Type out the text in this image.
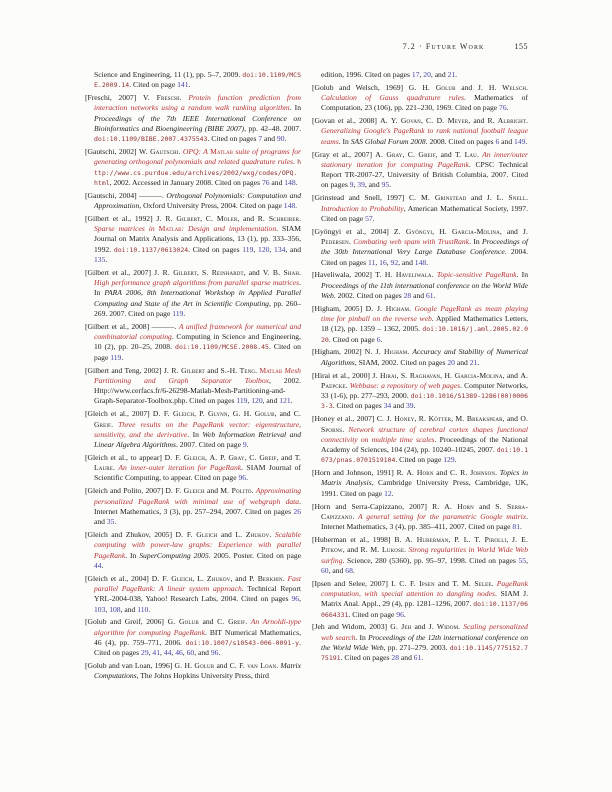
7.2 · Future Work	155

Science and Engineering, 11 (1), pp. 5–7, 2009. doi:10.1109/MCSE.2009.14. Cited on page 141.

[Freschi, 2007] V. Freschi. Protein function prediction from interaction networks using a random walk ranking algorithm. In Proceedings of the 7th IEEE International Conference on Bioinformatics and Bioengineering (BIBE 2007), pp. 42–48. 2007. doi:10.1109/BIBE.2007.4375543. Cited on pages 7 and 90.

[Gautschi, 2002] W. Gautschi. OPQ: A Matlab suite of programs for generating orthogonal polynomials and related quadrature rules. http://www.cs.purdue.edu/archives/2002/wxg/codes/OPQ.html, 2002. Accessed in January 2008. Cited on pages 76 and 148.

[Gautschi, 2004] ———. Orthogonal Polynomials: Computation and Approximation, Oxford University Press, 2004. Cited on page 148.

[Gilbert et al., 1992] J. R. Gilbert, C. Moler, and R. Schreiber. Sparse matrices in Matlab: Design and implementation. SIAM Journal on Matrix Analysis and Applications, 13 (1), pp. 333–356, 1992. doi:10.1137/0613024. Cited on pages 119, 120, 134, and 135.

[Gilbert et al., 2007] J. R. Gilbert, S. Reinhardt, and V. B. Shah. High performance graph algorithms from parallel sparse matrices. In PARA 2006, 8th International Workshop in Applied Parallel Computing and State of the Art in Scientific Computing, pp. 260–269. 2007. Cited on page 119.

[Gilbert et al., 2008] ———. A unified framework for numerical and combinatorial computing. Computing in Science and Engineering, 10 (2), pp. 20–25, 2008. doi:10.1109/MCSE.2008.45. Cited on page 119.

[Gilbert and Teng, 2002] J. R. Gilbert and S.-H. Teng. Matlab Mesh Partitioning and Graph Separator Toolbox, 2002. Http://www.cerfacs.fr/6-26298-Matlab-Mesh-Partitioning-and-Graph-Separator-Toolbox.php. Cited on pages 119, 120, and 121.

[Gleich et al., 2007] D. F. Gleich, P. Glynn, G. H. Golub, and C. Greif. Three results on the PageRank vector: eigenstructure, sensitivity, and the derivative. In Web Information Retrieval and Linear Algebra Algorithms. 2007. Cited on page 9.

[Gleich et al., to appear] D. F. Gleich, A. P. Gray, C. Greif, and T. Laure. An inner-outer iteration for PageRank. SIAM Journal of Scientific Computing, to appear. Cited on page 96.

[Gleich and Polito, 2007] D. F. Gleich and M. Polito. Approximating personalized PageRank with minimal use of webgraph data. Internet Mathematics, 3 (3), pp. 257–294, 2007. Cited on pages 26 and 35.

[Gleich and Zhukov, 2005] D. F. Gleich and L. Zhukov. Scalable computing with power-law graphs: Experience with parallel PageRank. In SuperComputing 2005. 2005. Poster. Cited on page 44.

[Gleich et al., 2004] D. F. Gleich, L. Zhukov, and P. Berkhin. Fast parallel PageRank: A linear system approach. Technical Report YRL-2004-038, Yahoo! Research Labs, 2004. Cited on pages 96, 103, 108, and 110.

[Golub and Greif, 2006] G. Golub and C. Greif. An Arnoldi-type algorithm for computing PageRank. BIT Numerical Mathematics, 46 (4), pp. 759–771, 2006. doi:10.1007/s10543-006-0091-y. Cited on pages 29, 41, 44, 46, 60, and 96.

[Golub and van Loan, 1996] G. H. Golub and C. F. van Loan. Matrix Computations, The Johns Hopkins University Press, third

edition, 1996. Cited on pages 17, 20, and 21.

[Golub and Welsch, 1969] G. H. Golub and J. H. Welsch. Calculation of Gauss quadrature rules. Mathematics of Computation, 23 (106), pp. 221–230, 1969. Cited on page 76.

[Govan et al., 2008] A. Y. Govan, C. D. Meyer, and R. Albright. Generalizing Google's PageRank to rank national football league teams. In SAS Global Forum 2008. 2008. Cited on pages 6 and 149.

[Gray et al., 2007] A. Gray, C. Greif, and T. Lau. An inner/outer stationary iteration for computing PageRank. CPSC Technical Report TR-2007-27, University of British Columbia, 2007. Cited on pages 9, 39, and 95.

[Grinstead and Snell, 1997] C. M. Grinstead and J. L. Snell. Introduction to Probability, American Mathematical Society, 1997. Cited on page 57.

[Gyöngyi et al., 2004] Z. Gyöngyi, H. Garcia-Molina, and J. Pedersen. Combating web spam with TrustRank. In Proceedings of the 30th International Very Large Database Conference. 2004. Cited on pages 11, 16, 92, and 148.

[Haveliwala, 2002] T. H. Haveliwala. Topic-sensitive PageRank. In Proceedings of the 11th international conference on the World Wide Web. 2002. Cited on pages 28 and 61.

[Higham, 2005] D. J. Higham. Google PageRank as mean playing time for pinball on the reverse web. Applied Mathematics Letters, 18 (12), pp. 1359 – 1362, 2005. doi:10.1016/j.aml.2005.02.020. Cited on page 6.

[Higham, 2002] N. J. Higham. Accuracy and Stability of Numerical Algorithms, SIAM, 2002. Cited on pages 20 and 21.

[Hirai et al., 2000] J. Hirai, S. Raghavan, H. Garcia-Molina, and A. Paepcke. Webbase: a repository of web pages. Computer Networks, 33 (1-6), pp. 277–293, 2000. doi:10.1016/S1389-1286(00)00063-3. Cited on pages 34 and 39.

[Honey et al., 2007] C. J. Honey, R. Kötter, M. Breakspear, and O. Sporns. Network structure of cerebral cortex shapes functional connectivity on multiple time scales. Proceedings of the National Academy of Sciences, 104 (24), pp. 10240–10245, 2007. doi:10.1073/pnas.0701519104. Cited on page 129.

[Horn and Johnson, 1991] R. A. Horn and C. R. Johnson. Topics in Matrix Analysis, Cambridge University Press, Cambridge, UK, 1991. Cited on page 12.

[Horn and Serra-Capizzano, 2007] R. A. Horn and S. Serra-Capizzano. A general setting for the parametric Google matrix. Internet Mathematics, 3 (4), pp. 385–411, 2007. Cited on page 81.

[Huberman et al., 1998] B. A. Huberman, P. L. T. Pirolli, J. E. Pitkow, and R. M. Lukose. Strong regularities in World Wide Web surfing. Science, 280 (5360), pp. 95–97, 1998. Cited on pages 55, 60, and 68.

[Ipsen and Selee, 2007] I. C. F. Ipsen and T. M. Selee. PageRank computation, with special attention to dangling nodes. SIAM J. Matrix Anal. Appl., 29 (4), pp. 1281–1296, 2007. doi:10.1137/060664331. Cited on page 96.

[Jeh and Widom, 2003] G. Jeh and J. Widom. Scaling personalized web search. In Proceedings of the 12th international conference on the World Wide Web, pp. 271–279. 2003. doi:10.1145/775152.775191. Cited on pages 28 and 61.
